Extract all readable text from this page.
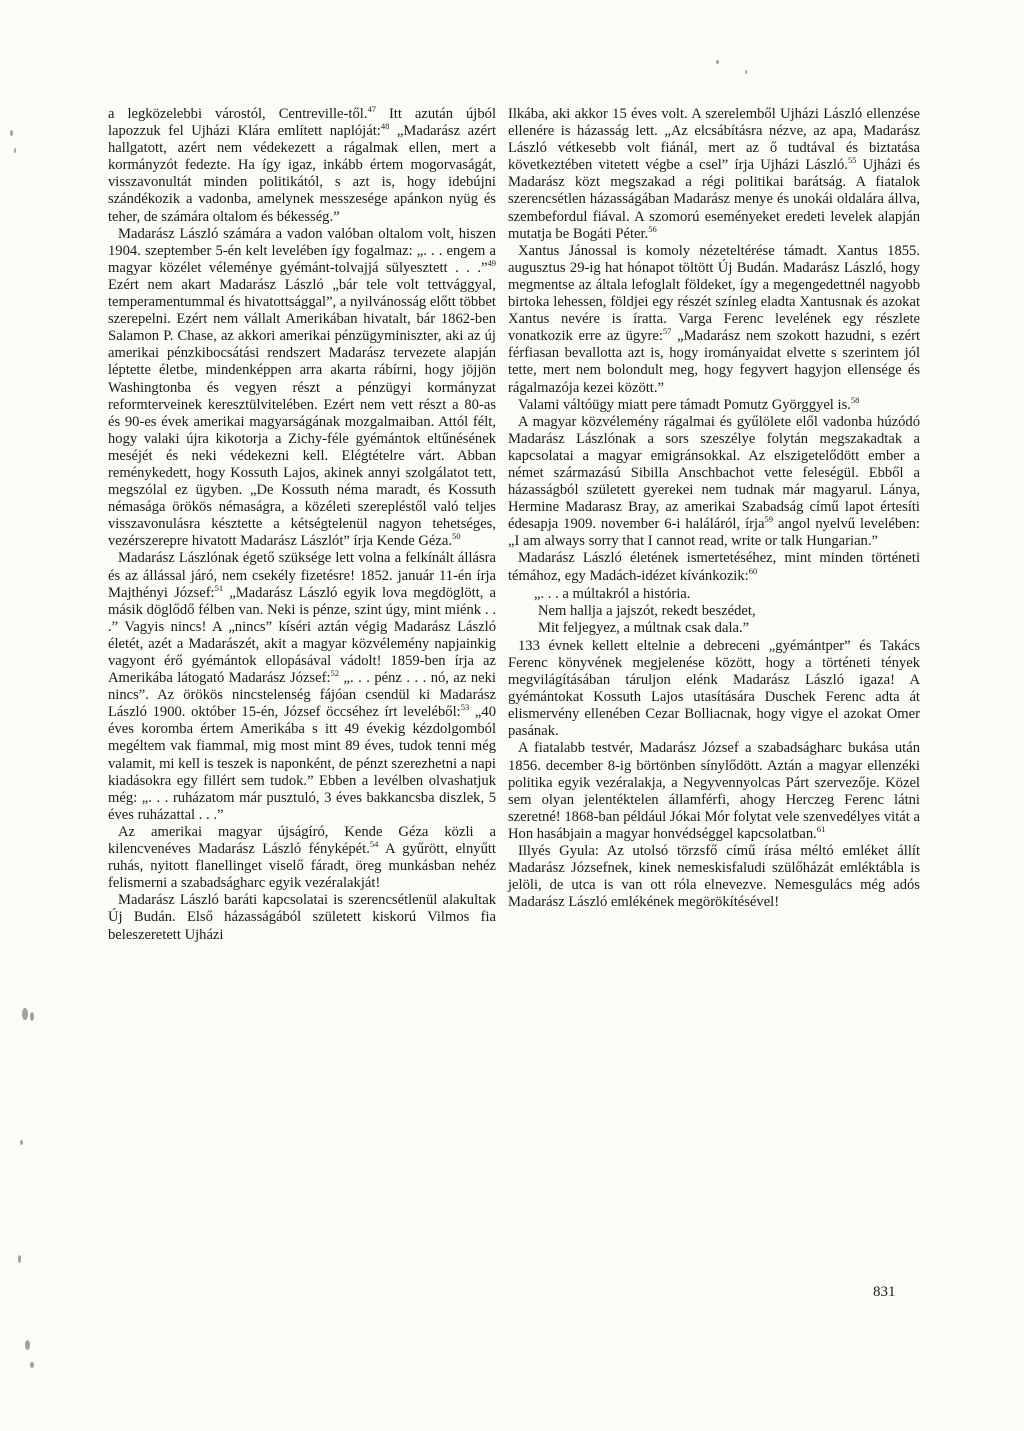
a legközelebbi várostól, Centreville-től.$^{47}$ Itt azután újból lapozzuk fel Ujházi Klára említett naplóját:$^{48}$ „Madarász azért hallgatott, azért nem védekezett a rágalmak ellen, mert a kormányzót fedezte. Ha így igaz, inkább értem mogorvaságát, visszavonultát minden politikától, s azt is, hogy idebújni szándékozik a vadonba, amelynek messzesége apánkon nyüg és teher, de számára oltalom és békesség.”

Madarász László számára a vadon valóban oltalom volt, hiszen 1904. szeptember 5-én kelt levelében így fogalmaz: „. . . engem a magyar közélet véleménye gyémánt-tolvajjá sülyesztett . . .”$^{49}$ Ezért nem akart Madarász László „bár tele volt tettvággyal, temperamentummal és hivatottsággal”, a nyilvánosság előtt többet szerepelni. Ezért nem vállalt Amerikában hivatalt, bár 1862-ben Salamon P. Chase, az akkori amerikai pénzügyminiszter, aki az új amerikai pénzkibocsátási rendszert Madarász tervezete alapján léptette életbe, mindenképpen arra akarta rábírni, hogy jöjjön Washingtonba és vegyen részt a pénzügyi kormányzat reformterveinek keresztülvitelében. Ezért nem vett részt a 80-as és 90-es évek amerikai magyarságának mozgalmaiban. Attól félt, hogy valaki újra kikotorja a Zichy-féle gyémántok eltűnésének meséjét és neki védekezni kell. Elégtételre várt. Abban reménykedett, hogy Kossuth Lajos, akinek annyi szolgálatot tett, megszólal ez ügyben. „De Kossuth néma maradt, és Kossuth némasága örökös némaságra, a közéleti szerepléstől való teljes visszavonulásra késztette a kétségtelenül nagyon tehetséges, vezérszerepre hivatott Madarász Lászlót” írja Kende Géza.$^{50}$

Madarász Lászlónak égető szüksége lett volna a felkínált állásra és az állással járó, nem csekély fizetésre! 1852. január 11-én írja Majthényi József:$^{51}$ „Madarász László egyik lova megdöglött, a másik döglődő félben van. Neki is pénze, szint úgy, mint miénk . . .” Vagyis nincs! A „nincs” kíséri aztán végig Madarász László életét, azét a Madarászét, akit a magyar közvélemény napjainkig vagyont érő gyémántok ellopásával vádolt! 1859-ben írja az Amerikába látogató Madarász József:$^{52}$ „. . . pénz . . . nó, az neki nincs”. Az örökös nincstelenség fájóan csendül ki Madarász László 1900. október 15-én, József öccséhez írt leveléből:$^{53}$ „40 éves koromba értem Amerikába s itt 49 évekig kézdolgomból megéltem vak fiammal, mig most mint 89 éves, tudok tenni még valamit, mi kell is teszek is naponként, de pénzt szerezhetni a napi kiadásokra egy fillért sem tudok.” Ebben a levélben olvashatjuk még: „. . . ruházatom már pusztuló, 3 éves bakkancsba diszlek, 5 éves ruházattal . . .”

Az amerikai magyar újságíró, Kende Géza közli a kilencvenéves Madarász László fényképét.$^{54}$ A gyűrött, elnyűtt ruhás, nyitott flanellinget viselő fáradt, öreg munkásban nehéz felismerni a szabadságharc egyik vezéralakját!

Madarász László baráti kapcsolatai is szerencsétlenül alakultak Új Budán. Első házasságából született kiskorú Vilmos fia beleszeretett Ujházi

Ilkába, aki akkor 15 éves volt. A szerelemből Ujházi László ellenzése ellenére is házasság lett. „Az elcsábításra nézve, az apa, Madarász László vétkesebb volt fiánál, mert az ő tudtával és biztatása következtében vitetett végbe a csel” írja Ujházi László.$^{55}$ Ujházi és Madarász közt megszakad a régi politikai barátság. A fiatalok szerencsétlen házasságában Madarász menye és unokái oldalára állva, szembefordul fiával. A szomorú eseményeket eredeti levelek alapján mutatja be Bogáti Péter.$^{56}$

Xantus Jánossal is komoly nézeteltérése támadt. Xantus 1855. augusztus 29-ig hat hónapot töltött Új Budán. Madarász László, hogy megmentse az általa lefoglalt földeket, így a megengedettnél nagyobb birtoka lehessen, földjei egy részét színleg eladta Xantusnak és azokat Xantus nevére is íratta. Varga Ferenc levelének egy részlete vonatkozik erre az ügyre:$^{57}$ „Madarász nem szokott hazudni, s ezért férfiasan bevallotta azt is, hogy irományaidat elvette s szerintem jól tette, mert nem bolondult meg, hogy fegyvert hagyjon ellensége és rágalmazója kezei között.”

Valami váltóügy miatt pere támadt Pomutz Györggyel is.$^{58}$

A magyar közvélemény rágalmai és gyűlölete elől vadonba húzódó Madarász Lászlónak a sors szeszélye folytán megszakadtak a kapcsolatai a magyar emigránsokkal. Az elszigetelődött ember a német származású Sibilla Anschbachot vette feleségül. Ebből a házasságból született gyerekei nem tudnak már magyarul. Lánya, Hermine Madarasz Bray, az amerikai Szabadság című lapot értesíti édesapja 1909. november 6-i haláláról, írja$^{59}$ angol nyelvű levelében: „I am always sorry that I cannot read, write or talk Hungarian.”

Madarász László életének ismertetéséhez, mint minden történeti témához, egy Madách-idézet kívánkozik:$^{60}$

„. . . a múltakról a história.
Nem hallja a jajszót, rekedt beszédet,
Mit feljegyez, a múltnak csak dala.”

133 évnek kellett eltelnie a debreceni „gyémántper” és Takács Ferenc könyvének megjelenése között, hogy a történeti tények megvilágításában táruljon elénk Madarász László igaza! A gyémántokat Kossuth Lajos utasítására Duschek Ferenc adta át elismervény ellenében Cezar Bolliacnak, hogy vigye el azokat Omer pasának.

A fiatalabb testvér, Madarász József a szabadságharc bukása után 1856. december 8-ig börtönben sínylődött. Aztán a magyar ellenzéki politika egyik vezéralakja, a Negyvennyolcas Párt szervezője. Közel sem olyan jelentéktelen államférfi, ahogy Herczeg Ferenc látni szeretné! 1868-ban például Jókai Mór folytat vele szenvedélyes vitát a Hon hasábjain a magyar honvédséggel kapcsolatban.$^{61}$

Illyés Gyula: Az utolsó törzsfő című írása méltó emléket állít Madarász Józsefnek, kinek nemeskisfaludi szülőházát emléktábla is jelöli, de utca is van ott róla elnevezve. Nemesgulács még adós Madarász László emlékének megörökítésével!

831
